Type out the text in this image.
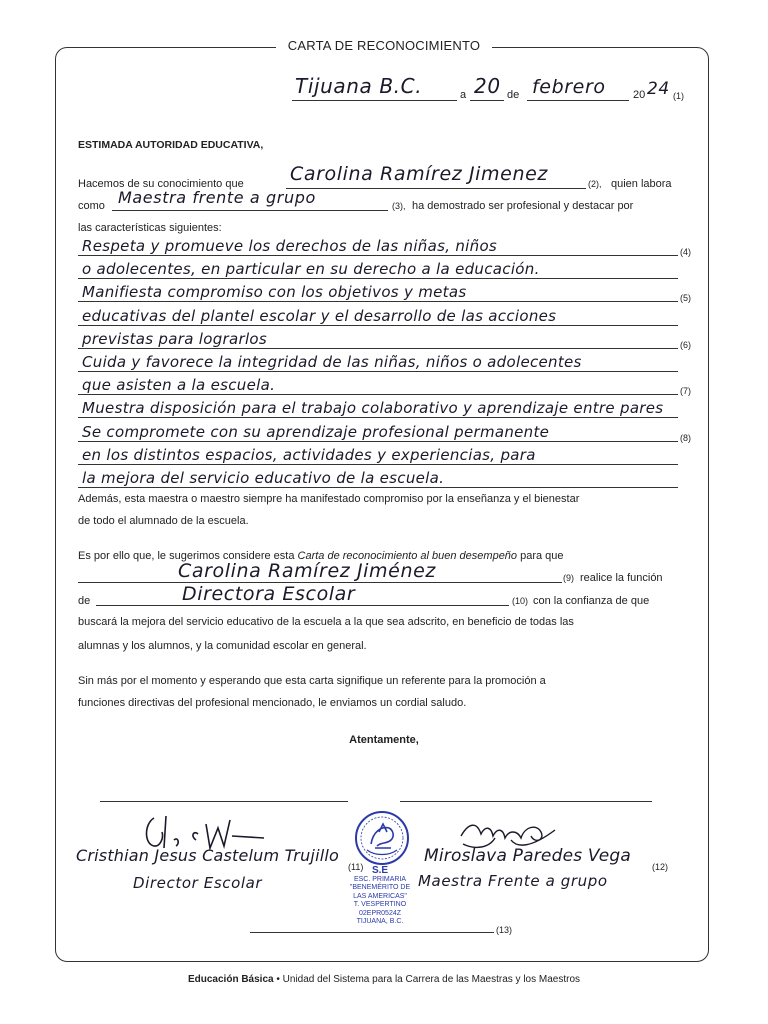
CARTA DE RECONOCIMIENTO
Tijuana B.C.	a 20 de febrero 20 24 (1)
ESTIMADA AUTORIDAD EDUCATIVA,
Hacemos de su conocimiento que Carolina Ramírez Jimenez	(2), quien labora
como Maestra frente a grupo	(3), ha demostrado ser profesional y destacar por
las características siguientes:
Respeta y promueve los derechos de las niñas, niños	(4)
o adolecentes, en particular en su derecho a la educación.
Manifiesta compromiso con los objetivos y metas	(5)
educativas del plantel escolar y el desarrollo de las acciones
previstas para lograrlos	(6)
Cuida y favorece la integridad de las niñas, niños o adolecentes
que asisten a la escuela.	(7)
Muestra disposición para el trabajo colaborativo y aprendizaje entre pares
Se compromete con su aprendizaje profesional permanente	(8)
en los distintos espacios, actividades y experiencias, para
la mejora del servicio educativo de la escuela.
Además, esta maestra o maestro siempre ha manifestado compromiso por la enseñanza y el bienestar
de todo el alumnado de la escuela.
Es por ello que, le sugerimos considere esta Carta de reconocimiento al buen desempeño para que
Carolina Ramírez Jiménez	(9) realice la función
de	Directora Escolar	(10) con la confianza de que
buscará la mejora del servicio educativo de la escuela a la que sea adscrito, en beneficio de todas las
alumnas y los alumnos, y la comunidad escolar en general.
Sin más por el momento y esperando que esta carta signifique un referente para la promoción a
funciones directivas del profesional mencionado, le enviamos un cordial saludo.
Atentamente,
Cristhian Jesus Castelum Trujillo
(11)
Director Escolar
Miroslava Paredes Vega
(12)
Maestra Frente a grupo
S.E
ESC. PRIMARIA
"BENEMÉRITO DE
LAS AMERICAS"
T. VESPERTINO
02EPR0524Z
TIJUANA, B.C.
(13)
Educación Básica • Unidad del Sistema para la Carrera de las Maestras y los Maestros
